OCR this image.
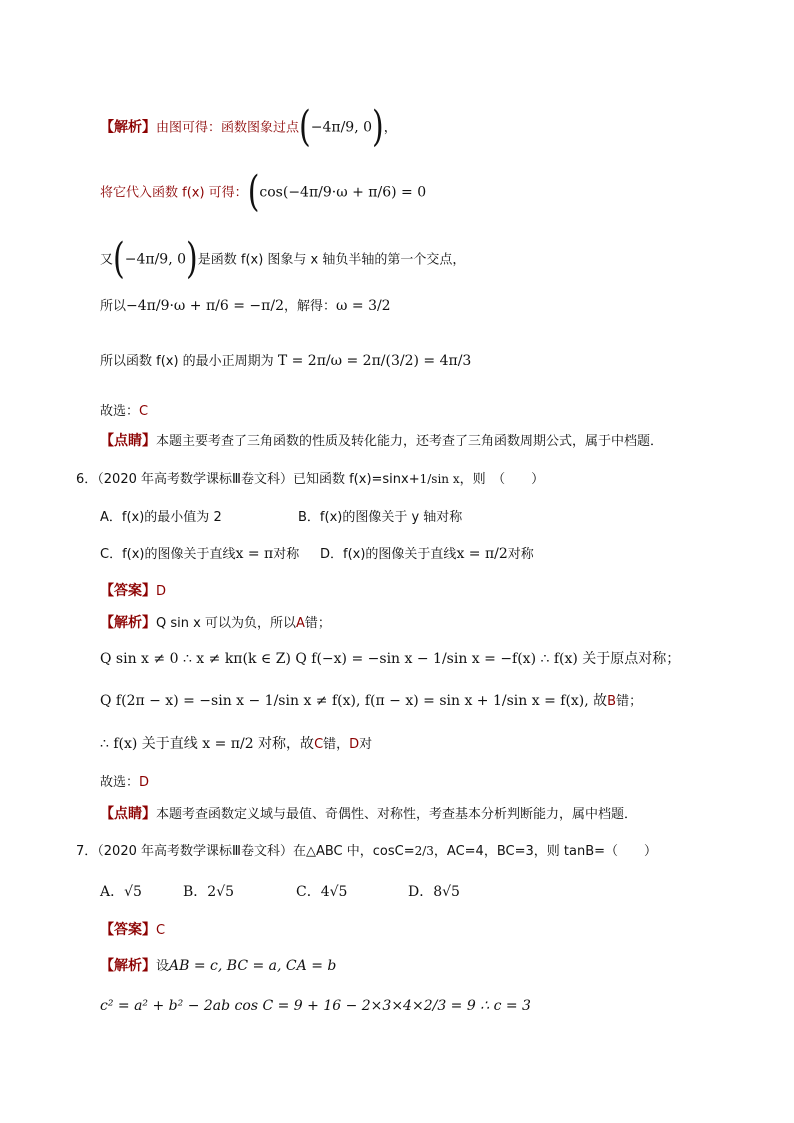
【解析】由图可得：函数图象过点(−4π/9, 0)，
将它代入函数 f(x) 可得：(cos(−4π/9·ω + π/6) = 0
又(−4π/9, 0)是函数 f(x) 图象与 x 轴负半轴的第一个交点，
所以−4π/9·ω + π/6 = −π/2，解得：ω = 3/2
所以函数 f(x) 的最小正周期为 T = 2π/ω = 2π/(3/2) = 4π/3
故选：C
【点睛】本题主要考查了三角函数的性质及转化能力，还考查了三角函数周期公式，属于中档题．
6．（2020 年高考数学课标Ⅲ卷文科）已知函数 f(x)=sinx+1/sin x，则　（　　）
A．f(x)的最小值为 2	B．f(x)的图像关于 y 轴对称
C．f(x)的图像关于直线x = π对称 D．f(x)的图像关于直线x = π/2对称
【答案】D
【解析】Q sin x 可以为负，所以A错；
Q sin x ≠ 0 ∴ x ≠ kπ(k ∈ Z) Q f(−x) = −sin x − 1/sin x = −f(x) ∴ f(x) 关于原点对称；
Q f(2π − x) = −sin x − 1/sin x ≠ f(x), f(π − x) = sin x + 1/sin x = f(x), 故B错；
∴ f(x) 关于直线 x = π/2 对称，故C错，D对
故选：D
【点睛】本题考查函数定义域与最值、奇偶性、对称性，考查基本分析判断能力，属中档题．
7．（2020 年高考数学课标Ⅲ卷文科）在△ABC 中，cosC=2/3，AC=4，BC=3，则 tanB=（　　）
A．√5	B．2√5	C．4√5	D．8√5
【答案】C
【解析】设AB = c, BC = a, CA = b
c² = a² + b² − 2ab cos C = 9 + 16 − 2×3×4×2/3 = 9 ∴ c = 3
